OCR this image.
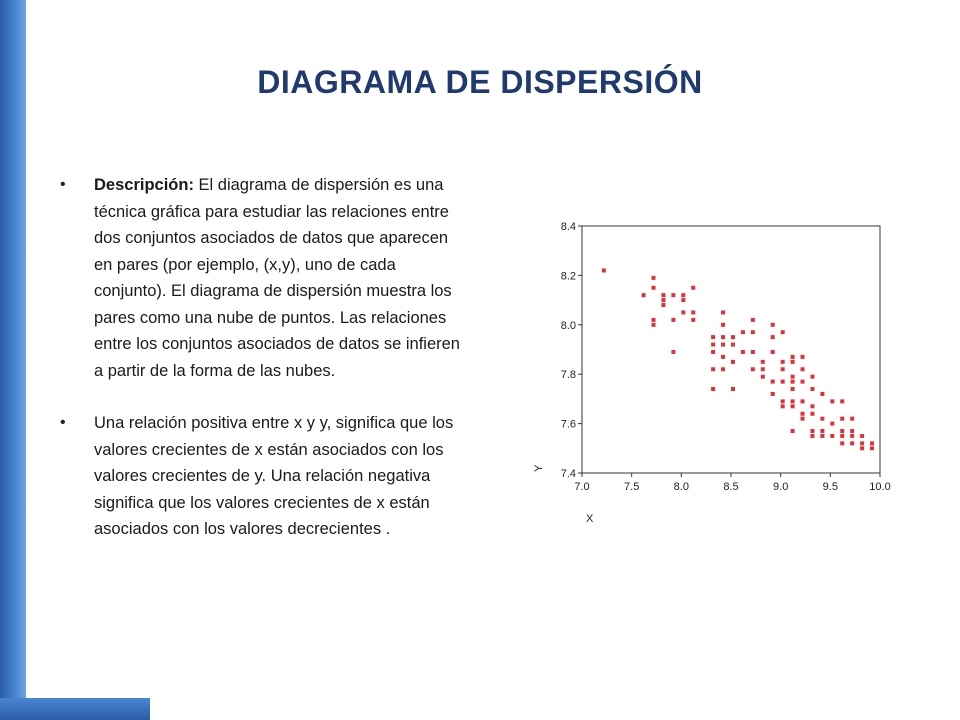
DIAGRAMA DE DISPERSIÓN
• Descripción: El diagrama de dispersión es una técnica gráfica para estudiar las relaciones entre dos conjuntos asociados de datos que aparecen en pares (por ejemplo, (x,y), uno de cada conjunto). El diagrama de dispersión muestra los pares como una nube de puntos. Las relaciones entre los conjuntos asociados de datos se infieren a partir de la forma de las nubes.
• Una relación positiva entre x y y, significa que los valores crecientes de x están asociados con los valores crecientes de y. Una relación negativa significa que los valores crecientes de x están asociados con los valores decrecientes .
7.0	7.5	8.0	8.5	9.0	9.5	10.0
7.4
7.6
7.8
8.0
8.2
8.4
X
Y
